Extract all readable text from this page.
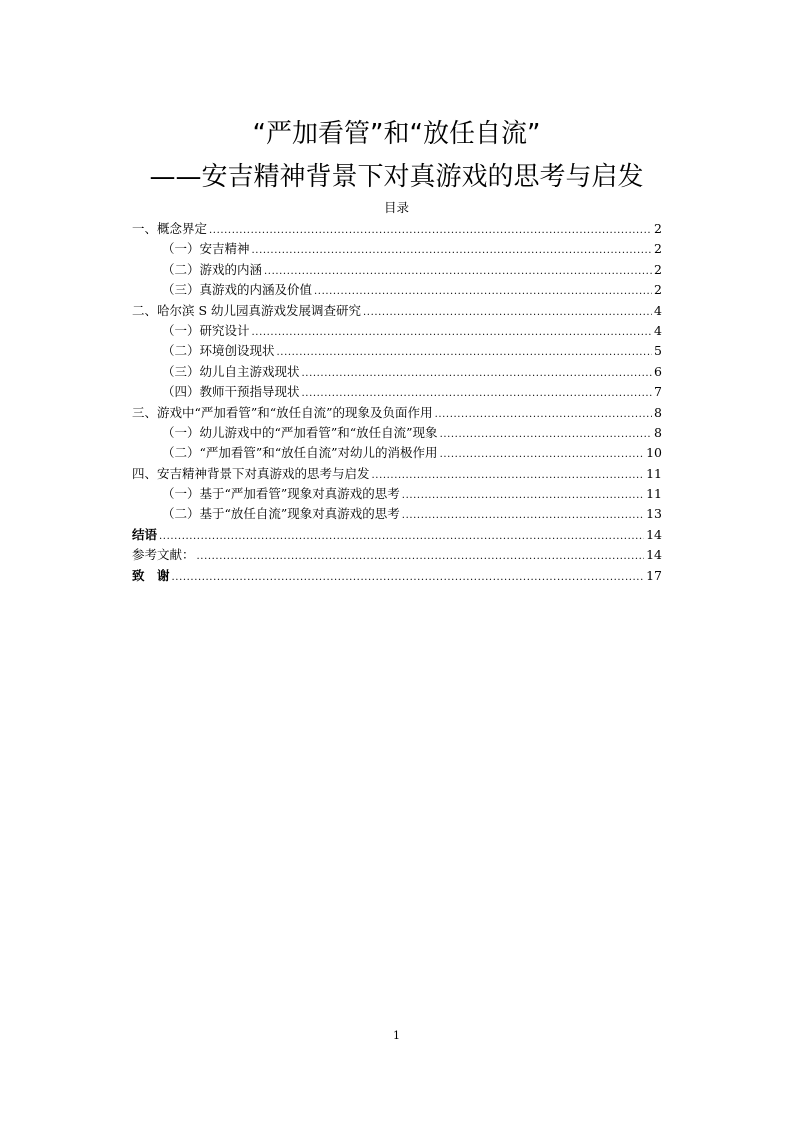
“严加看管”和“放任自流”
——安吉精神背景下对真游戏的思考与启发
目录
一、概念界定 .....	2
（一）安吉精神 .....	2
（二）游戏的内涵 .....	2
（三）真游戏的内涵及价值 .....	2
二、哈尔滨 S 幼儿园真游戏发展调查研究 .....	4
（一）研究设计 .....	4
（二）环境创设现状 .....	5
（三）幼儿自主游戏现状 .....	6
（四）教师干预指导现状 .....	7
三、游戏中“严加看管”和“放任自流”的现象及负面作用 .....	8
（一）幼儿游戏中的“严加看管”和“放任自流”现象 .....	8
（二）“严加看管”和“放任自流”对幼儿的消极作用 .....	10
四、安吉精神背景下对真游戏的思考与启发 .....	11
（一）基于“严加看管”现象对真游戏的思考 .....	11
（二）基于“放任自流”现象对真游戏的思考 .....	13
结语 .....	14
参考文献： .....	14
致　谢 .....	17
1
